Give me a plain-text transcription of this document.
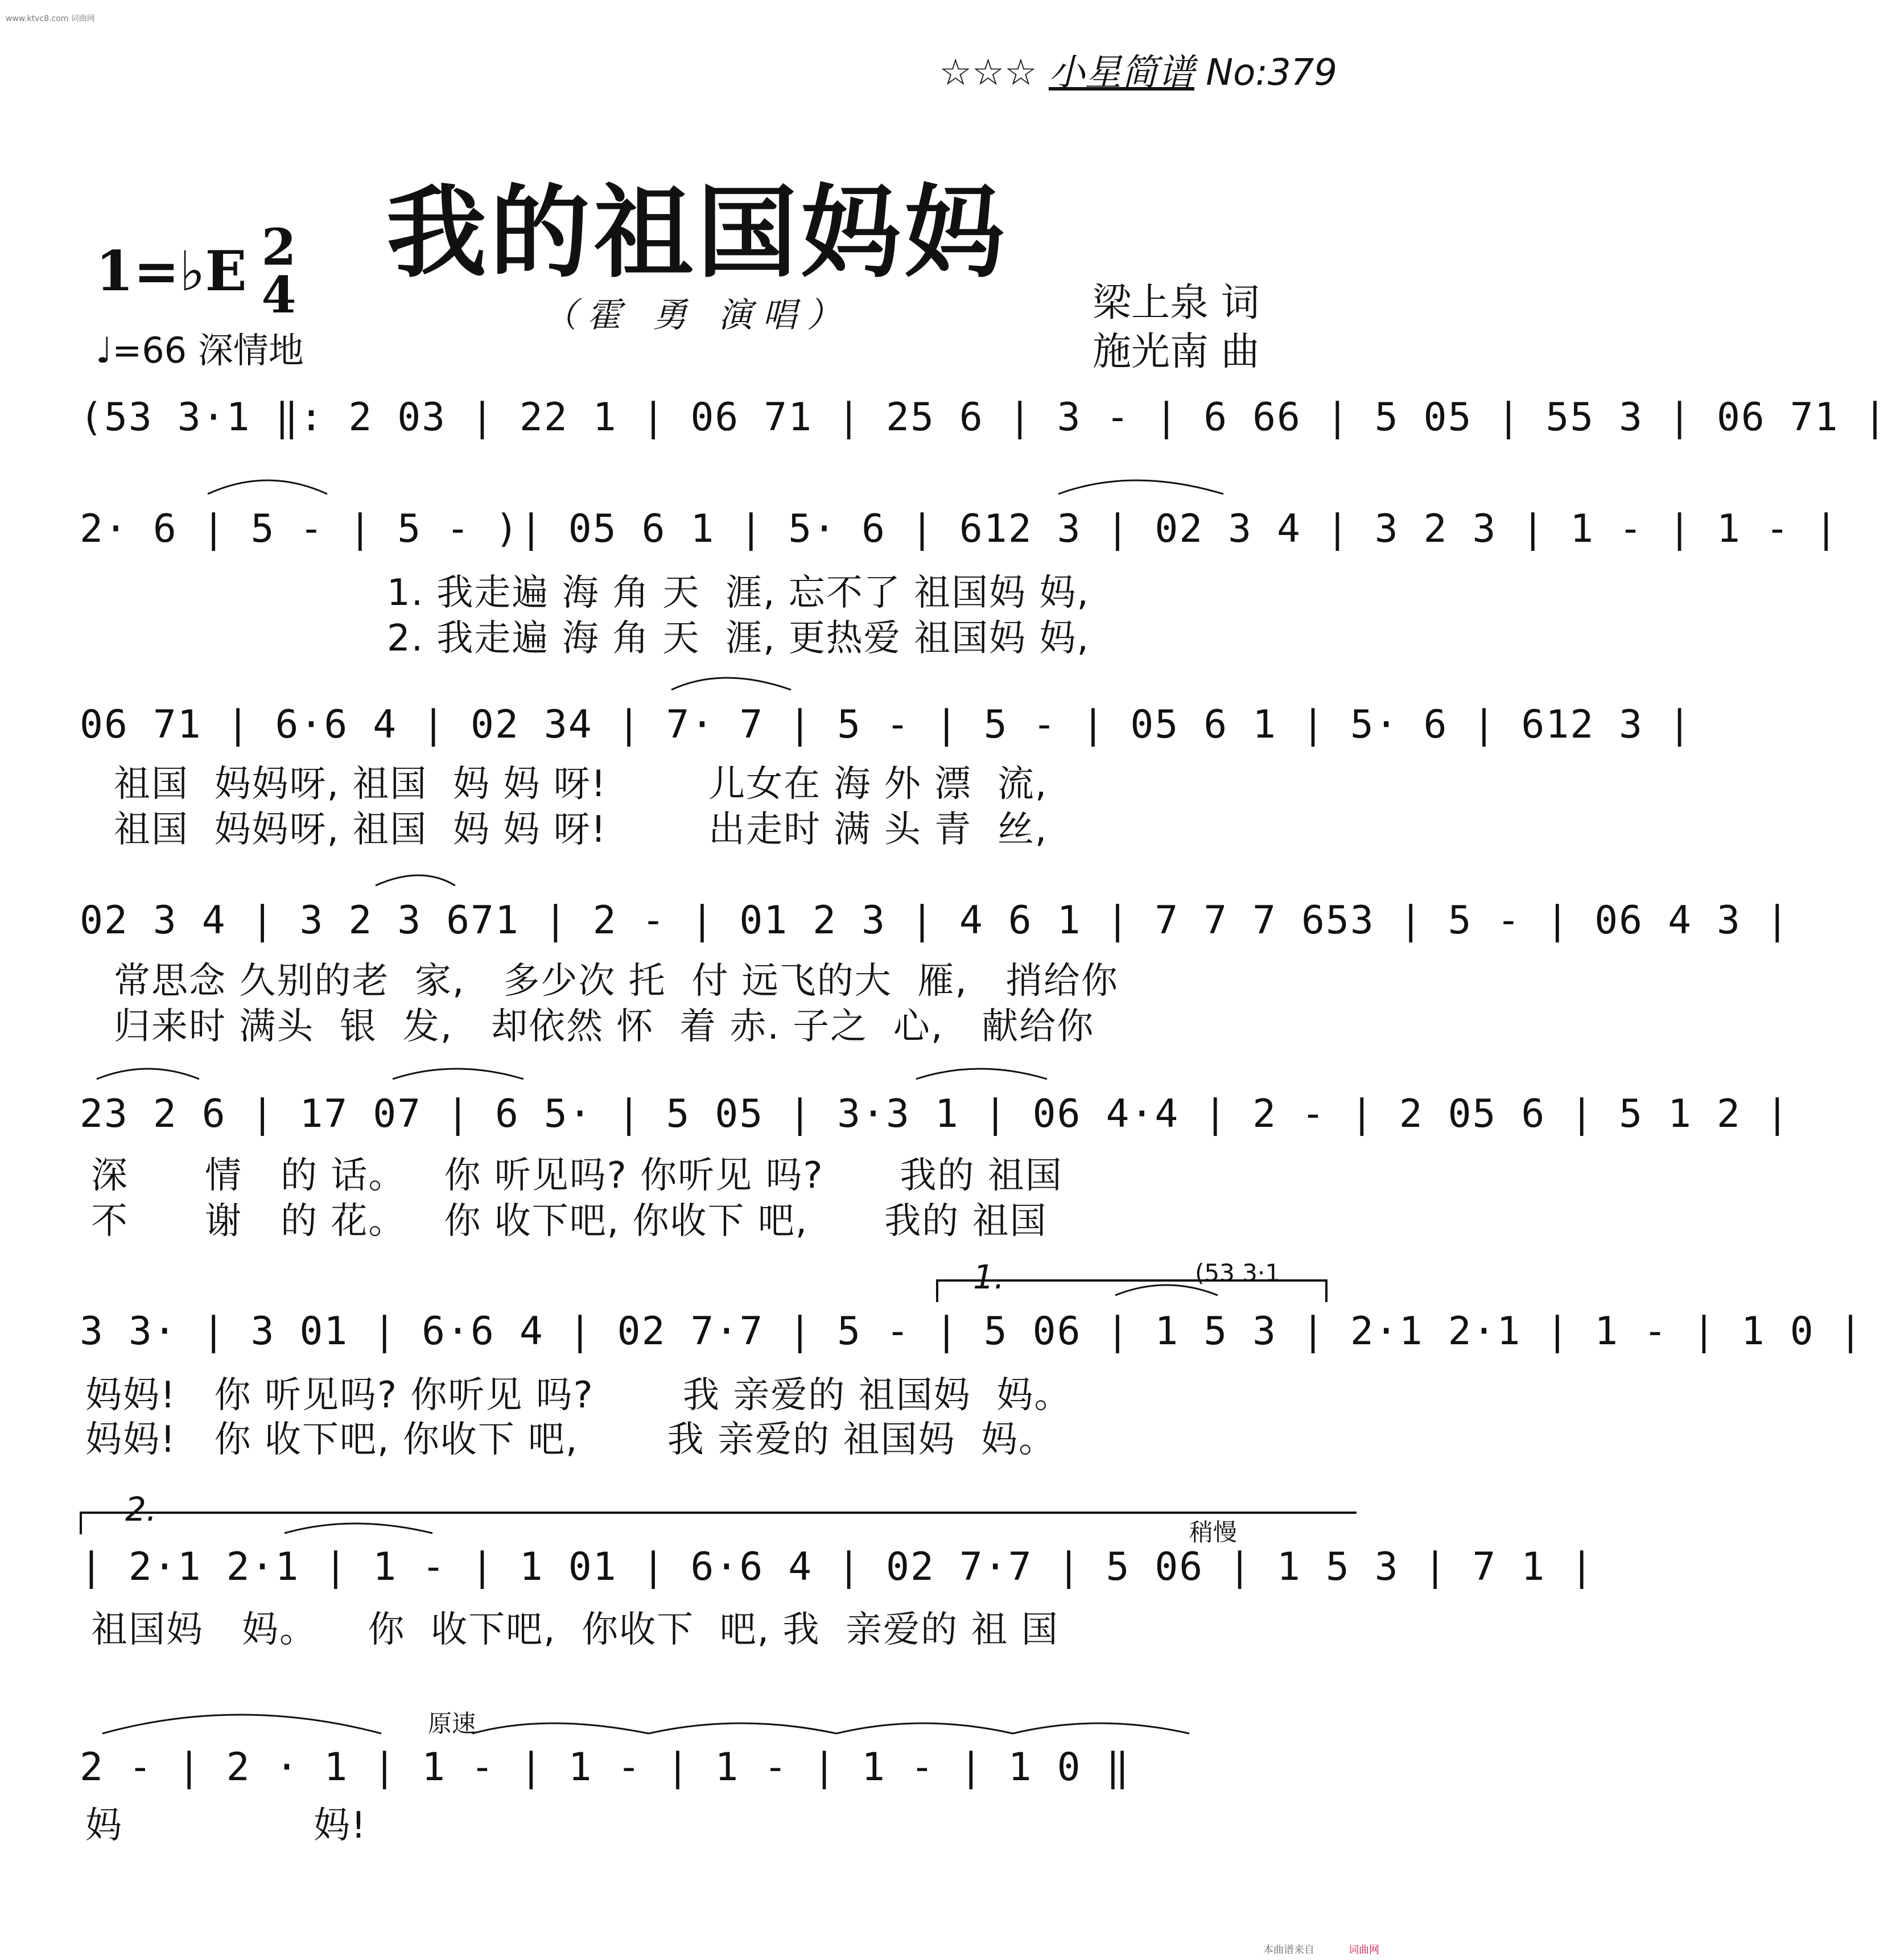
www.ktvc8.com 词曲网
☆☆☆ 小星简谱 No:379
我的祖国妈妈
（霍 勇 演唱）
1=♭E 2
4
♩=66 深情地
梁上泉 词
施光南 曲
(53 3·1 ‖: 2 03 | 22 1 | 06 71 | 25 6 | 3 - | 6 66 | 5 05 | 55 3 | 06 71 |
2· 6 | 5 - | 5 - )| 05 6 1 | 5· 6 | 612 3 | 02 3 4 | 3 2 3 | 1 - | 1 - |
1. 我走遍 海 角 天  涯, 忘不了 祖国妈 妈,
2. 我走遍 海 角 天  涯, 更热爱 祖国妈 妈,
06 71 | 6·6 4 | 02 34 | 7· 7 | 5 - | 5 - | 05 6 1 | 5· 6 | 612 3 |
祖国  妈妈呀, 祖国  妈 妈 呀!        儿女在 海 外 漂  流,
祖国  妈妈呀, 祖国  妈 妈 呀!        出走时 满 头 青  丝,
02 3 4 | 3 2 3 671 | 2 - | 01 2 3 | 4 6 1 | 7 7 7 653 | 5 - | 06 4 3 |
常思念 久别的老  家,   多少次 托  付 远飞的大  雁,   捎给你
归来时 满头  银  发,   却依然 怀  着 赤. 子之  心,   献给你
23 2 6 | 17 07 | 6 5· | 5 05 | 3·3 1 | 06 4·4 | 2 - | 2 05 6 | 5 1 2 |
深      情   的 话。   你 听见吗? 你听见 吗?      我的 祖国
不      谢   的 花。   你 收下吧, 你收下 吧,      我的 祖国
1.	(53 3·1
3 3· | 3 01 | 6·6 4 | 02 7·7 | 5 - | 5 06 | 1 5 3 | 2·1 2·1 | 1 - | 1 0 |
妈妈!   你 听见吗? 你听见 吗?       我 亲爱的 祖国妈  妈。
妈妈!   你 收下吧, 你收下 吧,       我 亲爱的 祖国妈  妈。
2.
稍慢
| 2·1 2·1 | 1 - | 1 01 | 6·6 4 | 02 7·7 | 5 06 | 1 5 3 | 7 1 |
祖国妈   妈。    你  收下吧,  你收下  吧, 我  亲爱的 祖 国
原速
2 - | 2 · 1 | 1 - | 1 - | 1 - | 1 - | 1 0 ‖
妈               妈!
本曲谱来自	词曲网
